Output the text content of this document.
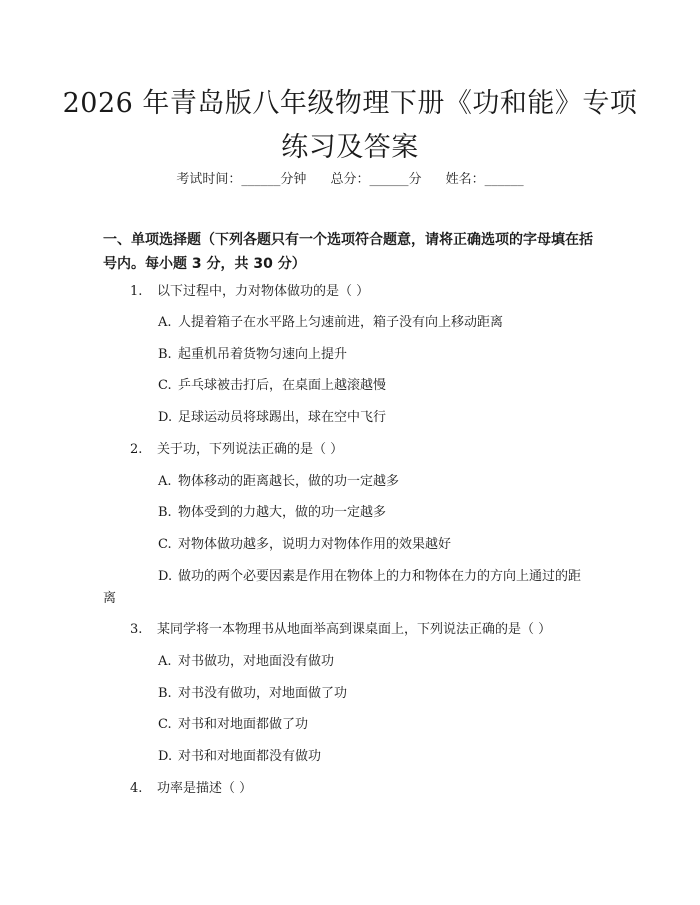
2026 年青岛版八年级物理下册《功和能》专项练习及答案
考试时间：______分钟 总分：______分 姓名：______

一、单项选择题（下列各题只有一个选项符合题意，请将正确选项的字母填在括号内。每小题 3 分，共 30 分）

1.	以下过程中，力对物体做功的是（ ）
A. 人提着箱子在水平路上匀速前进，箱子没有向上移动距离
B. 起重机吊着货物匀速向上提升
C. 乒乓球被击打后，在桌面上越滚越慢
D. 足球运动员将球踢出，球在空中飞行
2.	关于功，下列说法正确的是（ ）
A. 物体移动的距离越长，做的功一定越多
B. 物体受到的力越大，做的功一定越多
C. 对物体做功越多，说明力对物体作用的效果越好
D. 做功的两个必要因素是作用在物体上的力和物体在力的方向上通过的距离
3.	某同学将一本物理书从地面举高到课桌面上，下列说法正确的是（ ）
A. 对书做功，对地面没有做功
B. 对书没有做功，对地面做了功
C. 对书和对地面都做了功
D. 对书和对地面都没有做功
4.	功率是描述（ ）
